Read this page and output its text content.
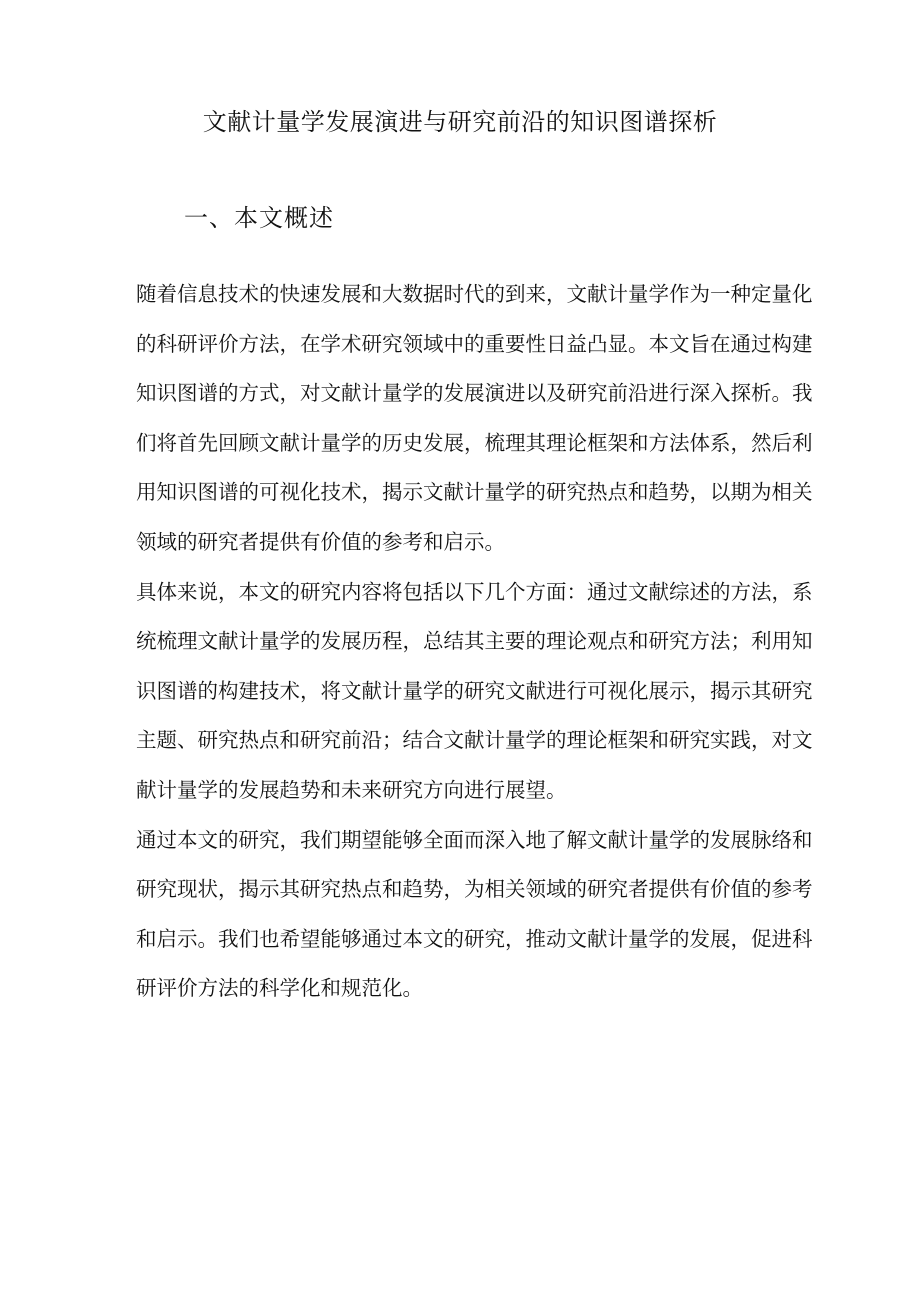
文献计量学发展演进与研究前沿的知识图谱探析
一、本文概述

随着信息技术的快速发展和大数据时代的到来，文献计量学作为一种定量化
的科研评价方法，在学术研究领域中的重要性日益凸显。本文旨在通过构建
知识图谱的方式，对文献计量学的发展演进以及研究前沿进行深入探析。我
们将首先回顾文献计量学的历史发展，梳理其理论框架和方法体系，然后利
用知识图谱的可视化技术，揭示文献计量学的研究热点和趋势，以期为相关
领域的研究者提供有价值的参考和启示。

具体来说，本文的研究内容将包括以下几个方面：通过文献综述的方法，系
统梳理文献计量学的发展历程，总结其主要的理论观点和研究方法；利用知
识图谱的构建技术，将文献计量学的研究文献进行可视化展示，揭示其研究
主题、研究热点和研究前沿；结合文献计量学的理论框架和研究实践，对文
献计量学的发展趋势和未来研究方向进行展望。

通过本文的研究，我们期望能够全面而深入地了解文献计量学的发展脉络和
研究现状，揭示其研究热点和趋势，为相关领域的研究者提供有价值的参考
和启示。我们也希望能够通过本文的研究，推动文献计量学的发展，促进科
研评价方法的科学化和规范化。
